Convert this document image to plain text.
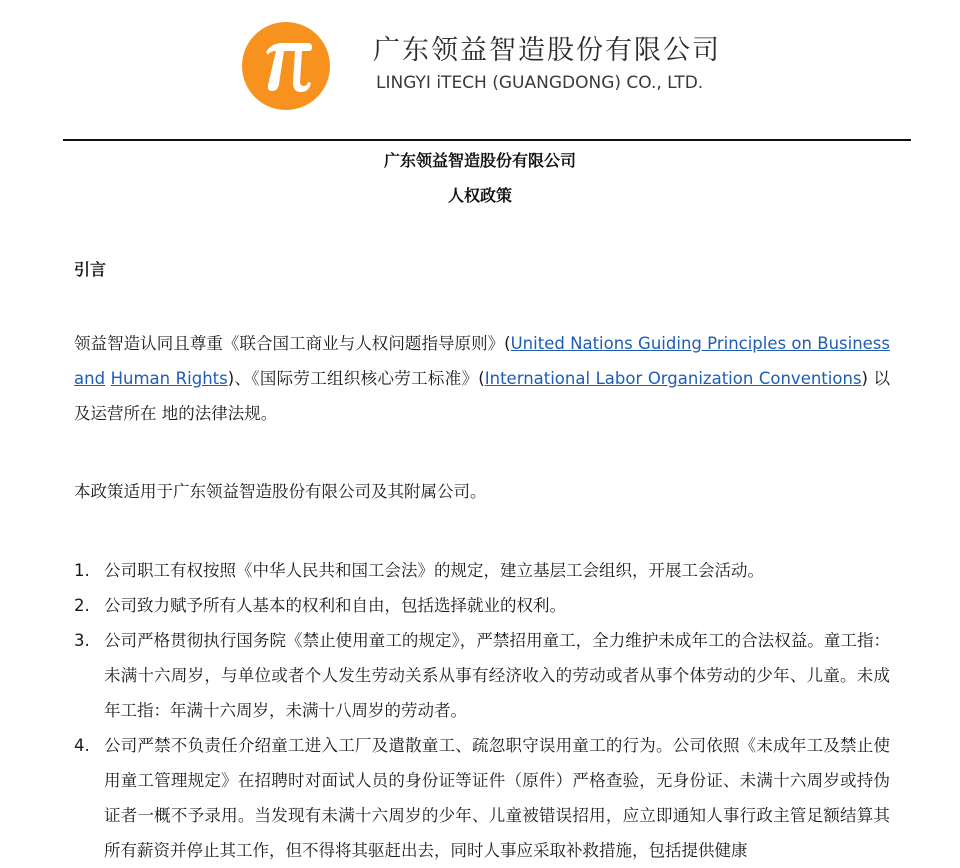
广东领益智造股份有限公司
LINGYI iTECH (GUANGDONG) CO., LTD.
广东领益智造股份有限公司
人权政策
引言
领益智造认同且尊重《联合国工商业与人权问题指导原则》(United Nations Guiding Principles on Business and Human Rights)、《国际劳工组织核心劳工标准》(International Labor Organization Conventions) 以及运营所在 地的法律法规。
本政策适用于广东领益智造股份有限公司及其附属公司。
1. 公司职工有权按照《中华人民共和国工会法》的规定，建立基层工会组织，开展工会活动。
2. 公司致力赋予所有人基本的权利和自由，包括选择就业的权利。
3. 公司严格贯彻执行国务院《禁止使用童工的规定》，严禁招用童工，全力维护未成年工的合法权益。童工指：未满十六周岁，与单位或者个人发生劳动关系从事有经济收入的劳动或者从事个体劳动的少年、儿童。未成年工指：年满十六周岁，未满十八周岁的劳动者。
4. 公司严禁不负责任介绍童工进入工厂及遣散童工、疏忽职守误用童工的行为。公司依照《未成年工及禁止使用童工管理规定》在招聘时对面试人员的身份证等证件（原件）严格查验，无身份证、未满十六周岁或持伪证者一概不予录用。当发现有未满十六周岁的少年、儿童被错误招用，应立即通知人事行政主管足额结算其所有薪资并停止其工作，但不得将其驱赶出去，同时人事应采取补救措施，包括提供健康
